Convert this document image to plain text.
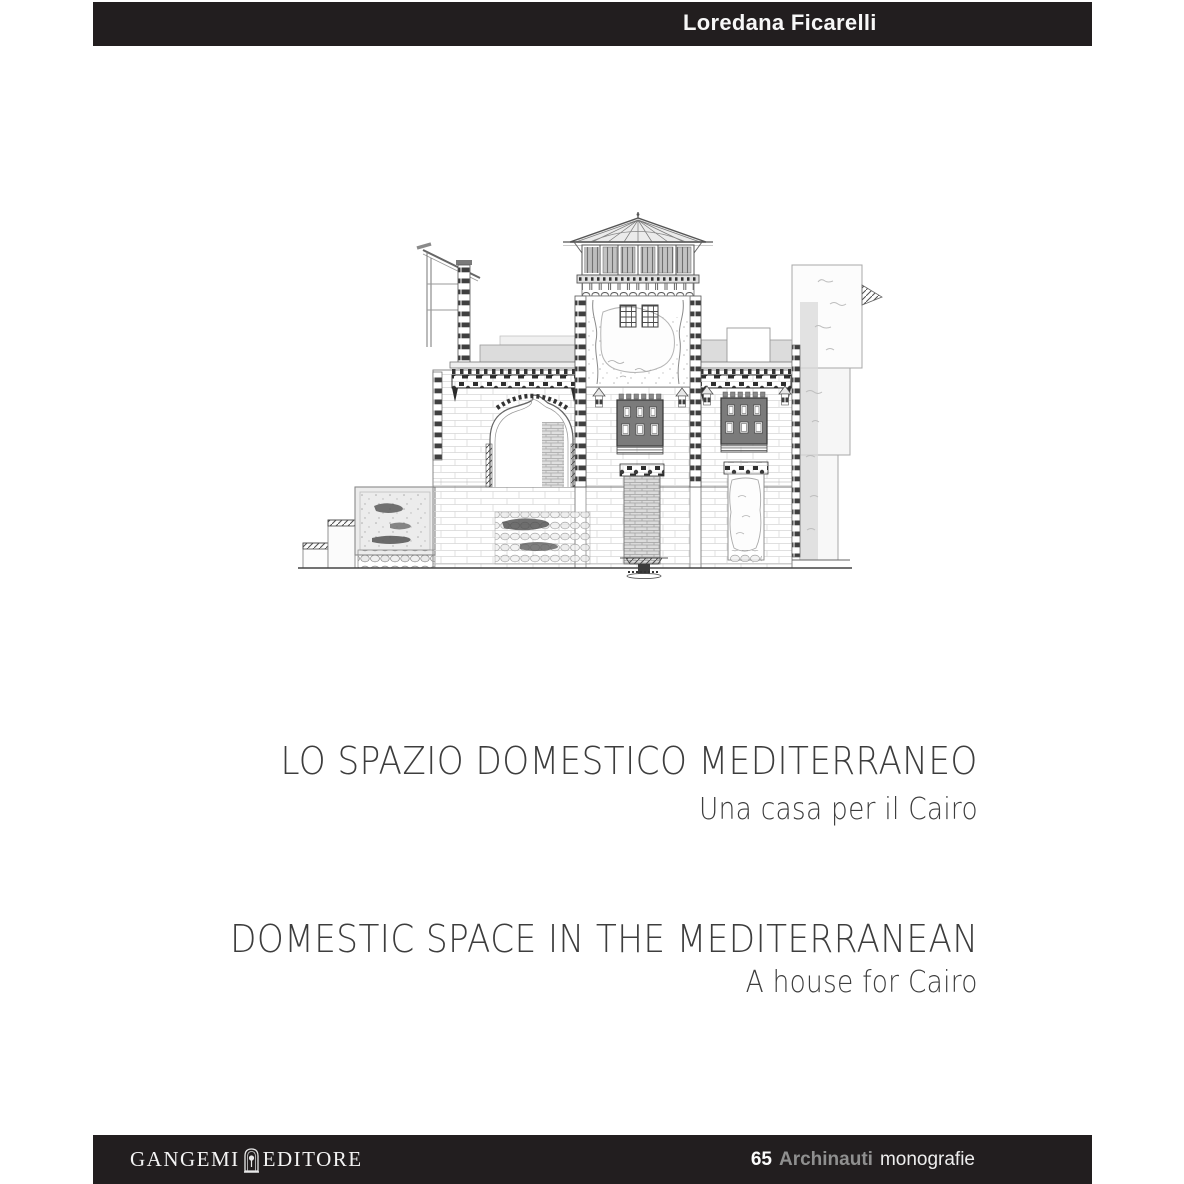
Loredana Ficarelli
LO SPAZIO DOMESTICO MEDITERRANEO
Una casa per il Cairo
DOMESTIC SPACE IN THE MEDITERRANEAN
A house for Cairo
GANGEMI EDITORE	65 Archinauti monografie
